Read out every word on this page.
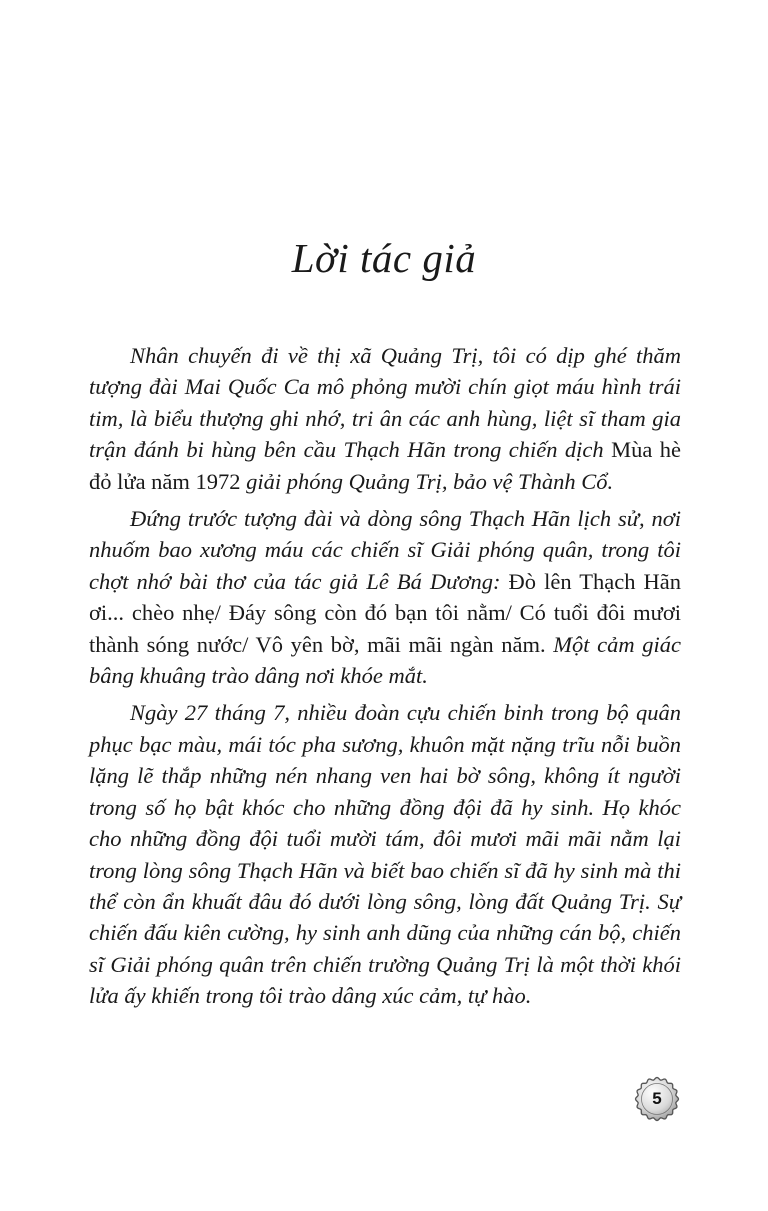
Lời tác giả

Nhân chuyến đi về thị xã Quảng Trị, tôi có dịp ghé thăm tượng đài Mai Quốc Ca mô phỏng mười chín giọt máu hình trái tim, là biểu thượng ghi nhớ, tri ân các anh hùng, liệt sĩ tham gia trận đánh bi hùng bên cầu Thạch Hãn trong chiến dịch Mùa hè đỏ lửa năm 1972 giải phóng Quảng Trị, bảo vệ Thành Cổ.

Đứng trước tượng đài và dòng sông Thạch Hãn lịch sử, nơi nhuốm bao xương máu các chiến sĩ Giải phóng quân, trong tôi chợt nhớ bài thơ của tác giả Lê Bá Dương: Đò lên Thạch Hãn ơi... chèo nhẹ/ Đáy sông còn đó bạn tôi nằm/ Có tuổi đôi mươi thành sóng nước/ Vô yên bờ, mãi mãi ngàn năm. Một cảm giác bâng khuâng trào dâng nơi khóe mắt.

Ngày 27 tháng 7, nhiều đoàn cựu chiến binh trong bộ quân phục bạc màu, mái tóc pha sương, khuôn mặt nặng trĩu nỗi buồn lặng lẽ thắp những nén nhang ven hai bờ sông, không ít người trong số họ bật khóc cho những đồng đội đã hy sinh. Họ khóc cho những đồng đội tuổi mười tám, đôi mươi mãi mãi nằm lại trong lòng sông Thạch Hãn và biết bao chiến sĩ đã hy sinh mà thi thể còn ẩn khuất đâu đó dưới lòng sông, lòng đất Quảng Trị. Sự chiến đấu kiên cường, hy sinh anh dũng của những cán bộ, chiến sĩ Giải phóng quân trên chiến trường Quảng Trị là một thời khói lửa ấy khiến trong tôi trào dâng xúc cảm, tự hào.

5
